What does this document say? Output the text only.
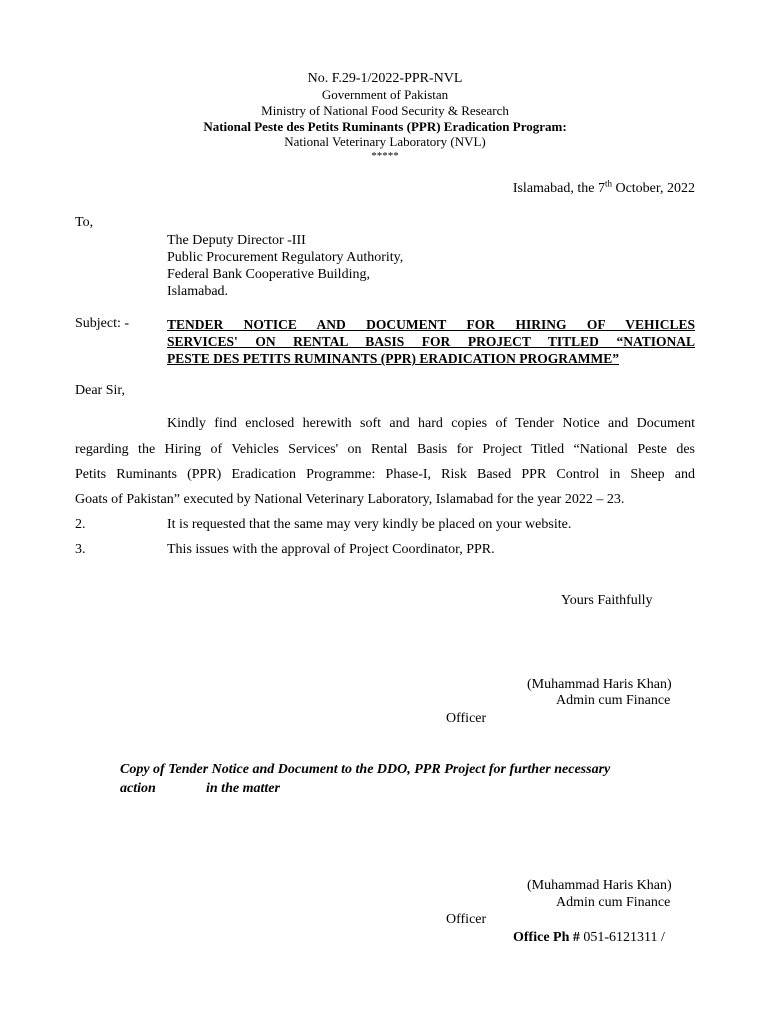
No. F.29-1/2022-PPR-NVL
Government of Pakistan
Ministry of National Food Security & Research
National Peste des Petits Ruminants (PPR) Eradication Program:
National Veterinary Laboratory (NVL)
*****
Islamabad, the 7th October, 2022
To,
The Deputy Director -III
Public Procurement Regulatory Authority,
Federal Bank Cooperative Building,
Islamabad.
Subject: -	TENDER NOTICE AND DOCUMENT FOR HIRING OF VEHICLES
SERVICES' ON RENTAL BASIS FOR PROJECT TITLED “NATIONAL
PESTE DES PETITS RUMINANTS (PPR) ERADICATION PROGRAMME”
Dear Sir,
Kindly find enclosed herewith soft and hard copies of Tender Notice and Document
regarding the Hiring of Vehicles Services' on Rental Basis for Project Titled “National Peste des
Petits Ruminants (PPR) Eradication Programme: Phase-I, Risk Based PPR Control in Sheep and
Goats of Pakistan” executed by National Veterinary Laboratory, Islamabad for the year 2022 – 23.
2.	It is requested that the same may very kindly be placed on your website.
3.	This issues with the approval of Project Coordinator, PPR.
Yours Faithfully
(Muhammad Haris Khan)
Admin cum Finance
Officer
Copy of Tender Notice and Document to the DDO, PPR Project for further necessary
action	in the matter
(Muhammad Haris Khan)
Admin cum Finance
Officer
Office Ph # 051-6121311 /
